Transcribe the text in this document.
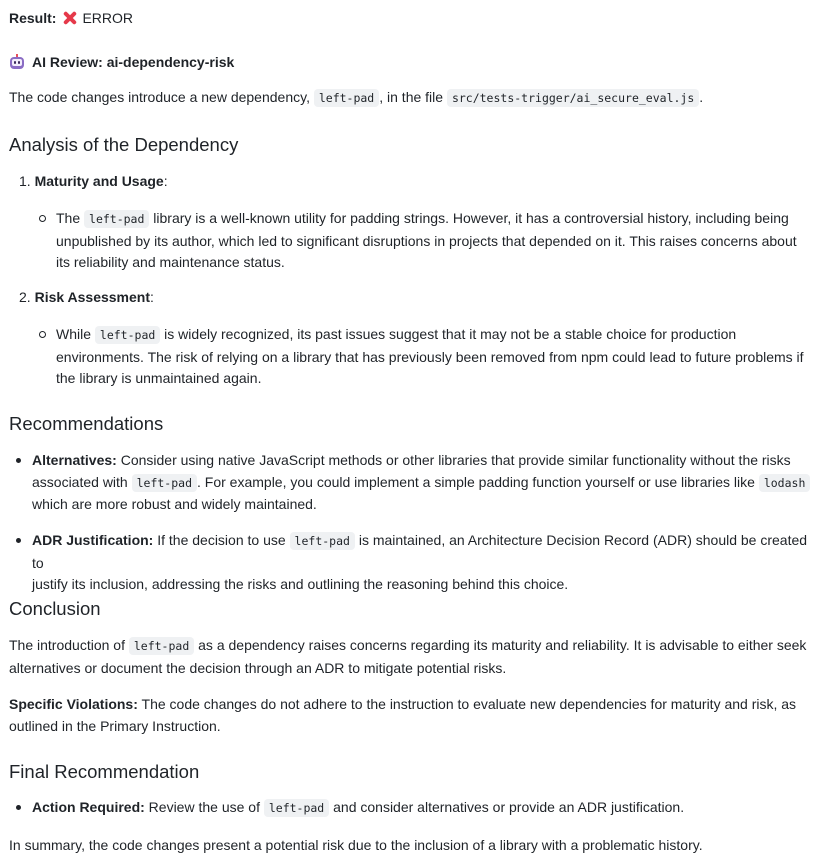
Result: ERROR
AI Review: ai-dependency-risk

The code changes introduce a new dependency, left-pad , in the file src/tests-trigger/ai_secure_eval.js .

Analysis of the Dependency

1. Maturity and Usage:

The left-pad library is a well-known utility for padding strings. However, it has a controversial history, including being
unpublished by its author, which led to significant disruptions in projects that depended on it. This raises concerns about
its reliability and maintenance status.

2. Risk Assessment:

While left-pad is widely recognized, its past issues suggest that it may not be a stable choice for production
environments. The risk of relying on a library that has previously been removed from npm could lead to future problems if
the library is unmaintained again.
Recommendations
Alternatives: Consider using native JavaScript methods or other libraries that provide similar functionality without the risks
associated with left-pad . For example, you could implement a simple padding function yourself or use libraries like lodash
which are more robust and widely maintained.
ADR Justification: If the decision to use left-pad is maintained, an Architecture Decision Record (ADR) should be created to
justify its inclusion, addressing the risks and outlining the reasoning behind this choice.
Conclusion
The introduction of left-pad as a dependency raises concerns regarding its maturity and reliability. It is advisable to either seek
alternatives or document the decision through an ADR to mitigate potential risks.
Specific Violations: The code changes do not adhere to the instruction to evaluate new dependencies for maturity and risk, as
outlined in the Primary Instruction.
Final Recommendation
Action Required: Review the use of left-pad and consider alternatives or provide an ADR justification.

In summary, the code changes present a potential risk due to the inclusion of a library with a problematic history.
